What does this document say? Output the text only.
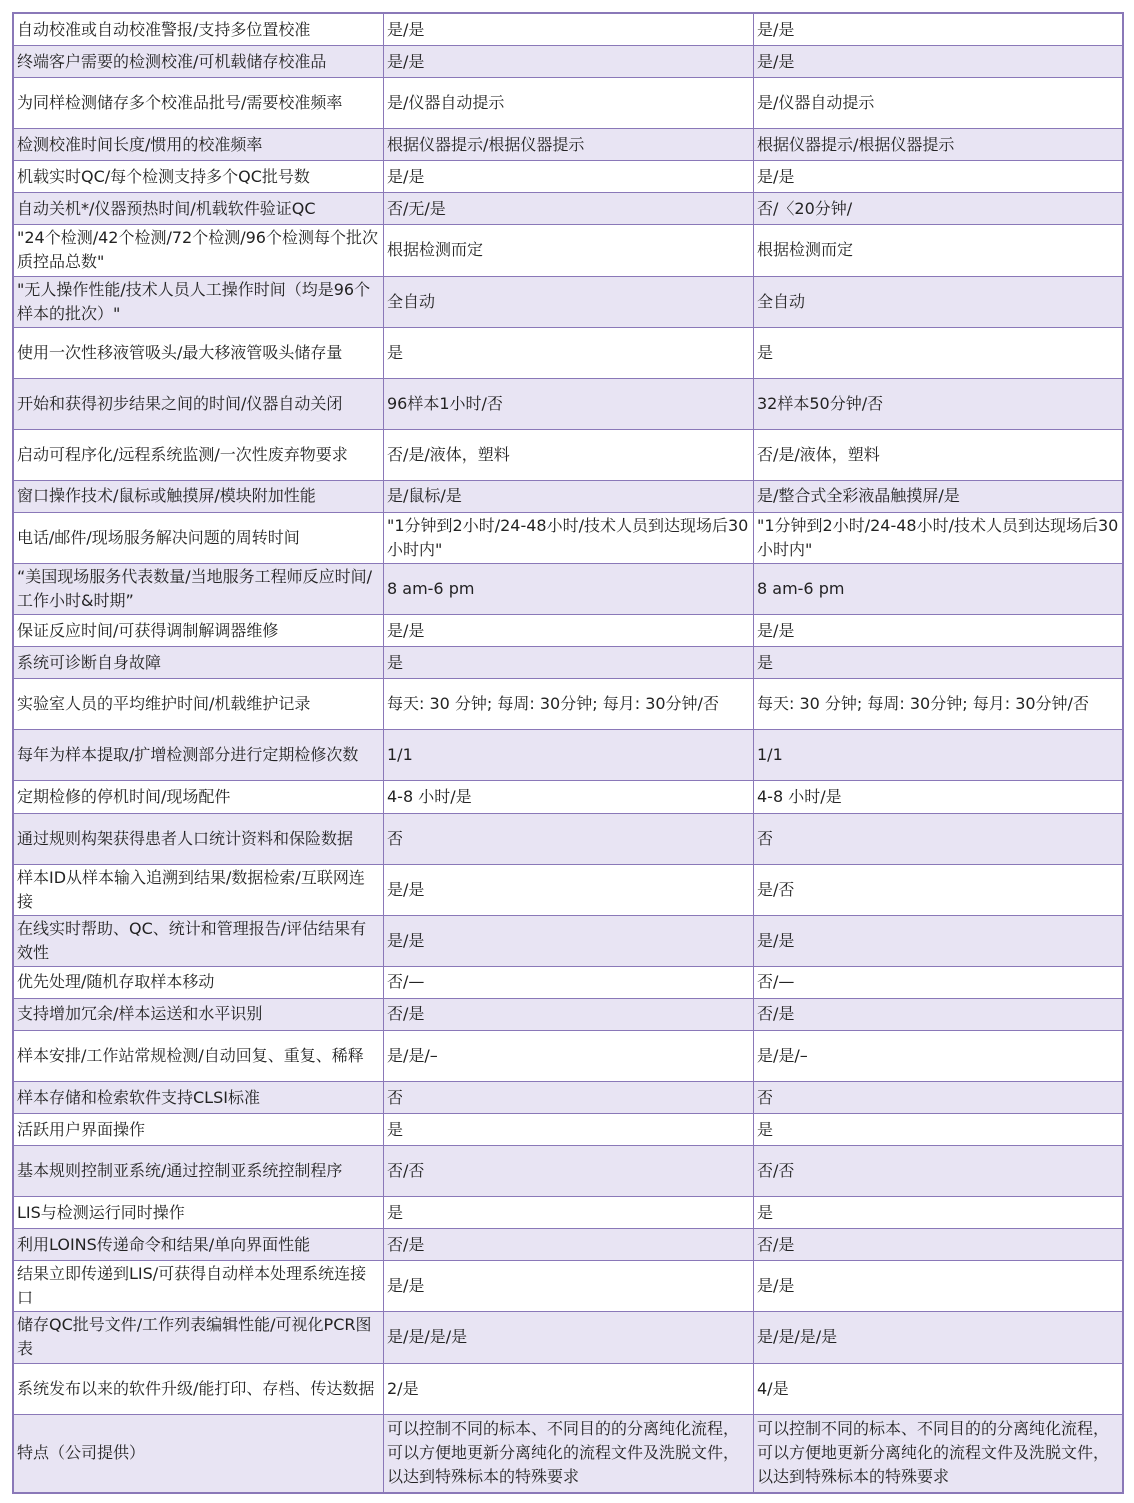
自动校准或自动校准警报/支持多位置校准	是/是	是/是
终端客户需要的检测校准/可机载储存校准品	是/是	是/是
为同样检测储存多个校准品批号/需要校准频率	是/仪器自动提示	是/仪器自动提示
检测校准时间长度/惯用的校准频率	根据仪器提示/根据仪器提示	根据仪器提示/根据仪器提示
机载实时QC/每个检测支持多个QC批号数	是/是	是/是
自动关机*/仪器预热时间/机载软件验证QC	否/无/是	否/〈20分钟/
"24个检测/42个检测/72个检测/96个检测每个批次质控品总数"	根据检测而定	根据检测而定
"无人操作性能/技术人员人工操作时间（均是96个样本的批次）"	全自动	全自动
使用一次性移液管吸头/最大移液管吸头储存量	是	是
开始和获得初步结果之间的时间/仪器自动关闭	96样本1小时/否	32样本50分钟/否
启动可程序化/远程系统监测/一次性废弃物要求	否/是/液体，塑料	否/是/液体，塑料
窗口操作技术/鼠标或触摸屏/模块附加性能	是/鼠标/是	是/整合式全彩液晶触摸屏/是
电话/邮件/现场服务解决问题的周转时间	"1分钟到2小时/24-48小时/技术人员到达现场后30小时内"	"1分钟到2小时/24-48小时/技术人员到达现场后30小时内"
“美国现场服务代表数量/当地服务工程师反应时间/工作小时&时期”	8 am-6 pm	8 am-6 pm
保证反应时间/可获得调制解调器维修	是/是	是/是
系统可诊断自身故障	是	是
实验室人员的平均维护时间/机载维护记录	每天: 30 分钟; 每周: 30分钟; 每月: 30分钟/否	每天: 30 分钟; 每周: 30分钟; 每月: 30分钟/否
每年为样本提取/扩增检测部分进行定期检修次数	1/1	1/1
定期检修的停机时间/现场配件	4-8 小时/是	4-8 小时/是
通过规则构架获得患者人口统计资料和保险数据	否	否
样本ID从样本输入追溯到结果/数据检索/互联网连接	是/是	是/否
在线实时帮助、QC、统计和管理报告/评估结果有效性	是/是	是/是
优先处理/随机存取样本移动	否/—	否/—
支持增加冗余/样本运送和水平识别	否/是	否/是
样本安排/工作站常规检测/自动回复、重复、稀释	是/是/–	是/是/–
样本存储和检索软件支持CLSI标准	否	否
活跃用户界面操作	是	是
基本规则控制亚系统/通过控制亚系统控制程序	否/否	否/否
LIS与检测运行同时操作	是	是
利用LOINS传递命令和结果/单向界面性能	否/是	否/是
结果立即传递到LIS/可获得自动样本处理系统连接口	是/是	是/是
储存QC批号文件/工作列表编辑性能/可视化PCR图表	是/是/是/是	是/是/是/是
系统发布以来的软件升级/能打印、存档、传达数据	2/是	4/是
特点（公司提供）	可以控制不同的标本、不同目的的分离纯化流程，可以方便地更新分离纯化的流程文件及洗脱文件，以达到特殊标本的特殊要求	可以控制不同的标本、不同目的的分离纯化流程，可以方便地更新分离纯化的流程文件及洗脱文件，以达到特殊标本的特殊要求
